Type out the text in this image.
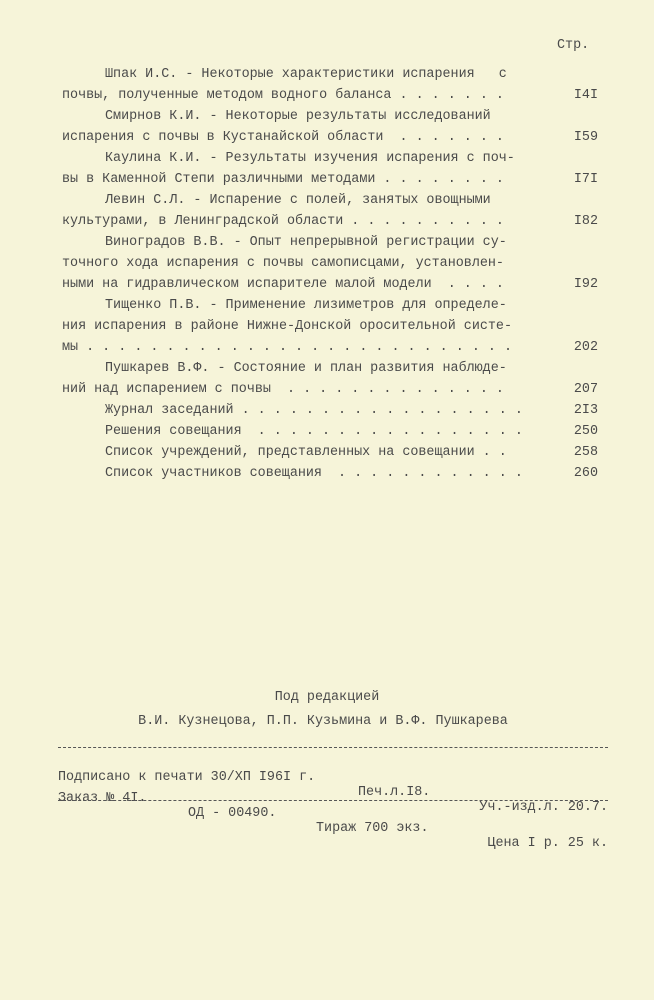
Стр.
Шпак И.С. - Некоторые характеристики испарения   с
почвы, полученные методом водного баланса . . . . . . .	I4I
Смирнов К.И. - Некоторые результаты исследований
испарения с почвы в Кустанайской области  . . . . . . .	I59
Каулина К.И. - Результаты изучения испарения с поч-
вы в Каменной Степи различными методами . . . . . . . .	I7I
Левин С.Л. - Испарение с полей, занятых овощными
культурами, в Ленинградской области . . . . . . . . . .	I82
Виноградов В.В. - Опыт непрерывной регистрации су-
точного хода испарения с почвы самописцами, установлен-
ными на гидравлическом испарителе малой модели  . . . .	I92
Тищенко П.В. - Применение лизиметров для определе-
ния испарения в районе Нижне-Донской оросительной систе-
мы . . . . . . . . . . . . . . . . . . . . . . . . . . .	202
Пушкарев В.Ф. - Состояние и план развития наблюде-
ний над испарением с почвы  . . . . . . . . . . . . . .	207
Журнал заседаний . . . . . . . . . . . . . . . . . .	2I3
Решения совещания  . . . . . . . . . . . . . . . . .	250
Список учреждений, представленных на совещании . .	258
Список участников совещания  . . . . . . . . . . . .	260
Под редакцией
В.И. Кузнецова, П.П. Кузьмина и В.Ф. Пушкарева

Подписано к печати 30/XП I96I г.

Печ.л.I8.

Уч.-изд.л. 20.7.

Заказ № 4I.

ОД - 00490.

Тираж 700 экз.

Цена I р. 25 к.
